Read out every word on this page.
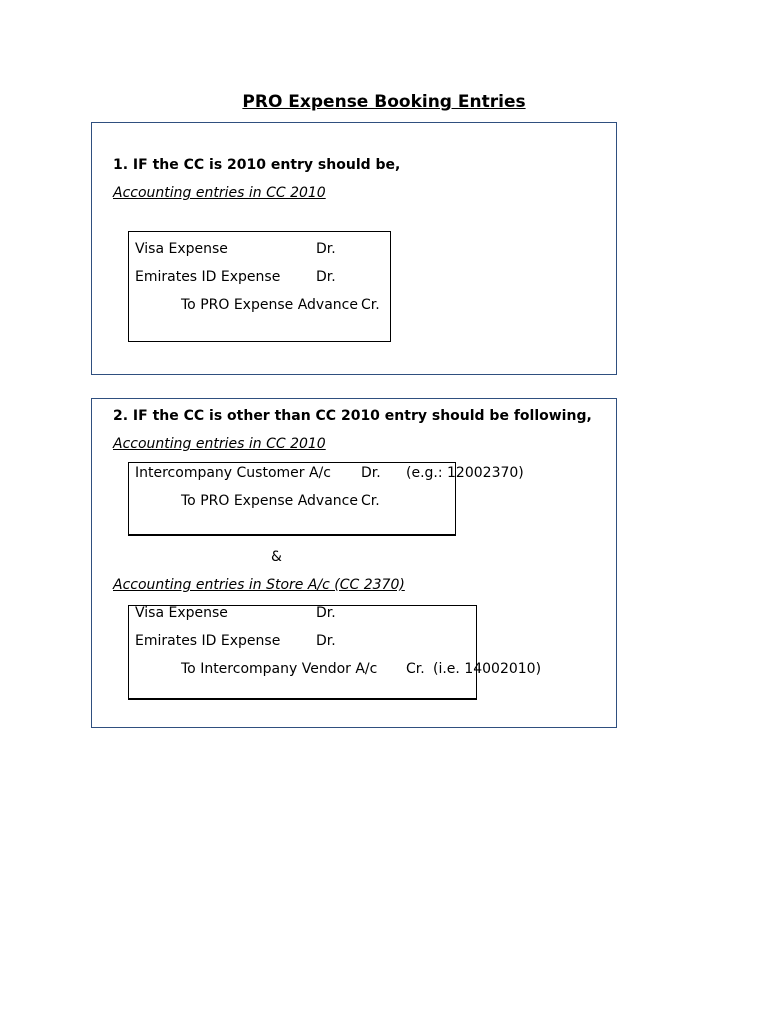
PRO Expense Booking Entries
1. IF the CC is 2010 entry should be,
Accounting entries in CC 2010
Visa Expense	Dr.
Emirates ID Expense	Dr.
To PRO Expense Advance Cr.
2. IF the CC is other than CC 2010 entry should be following,
Accounting entries in CC 2010
Intercompany Customer A/c Dr. (e.g.: 12002370)
To PRO Expense Advance Cr.
&
Accounting entries in Store A/c (CC 2370)
Visa Expense	Dr.
Emirates ID Expense	Dr.
To Intercompany Vendor A/c Cr. (i.e. 14002010)
